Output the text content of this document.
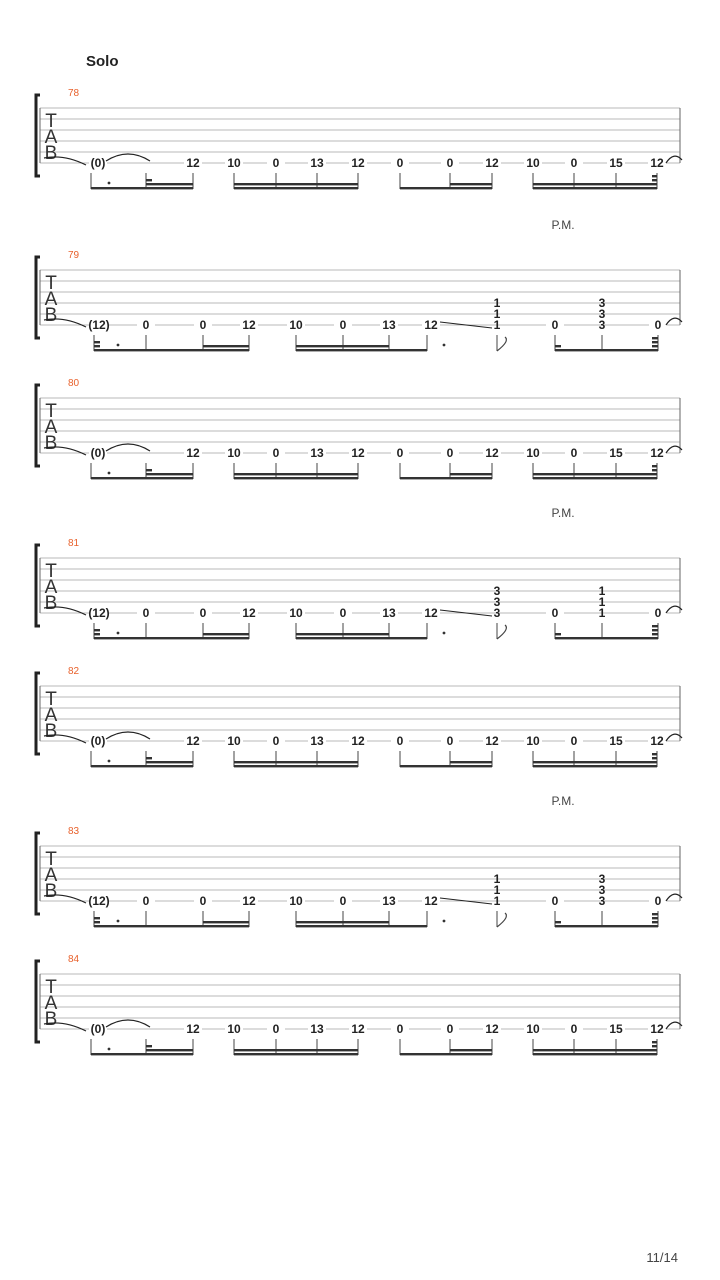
Solo
T
A
B
78
(0)	12 10	0	13 12	0	0	12 10	0	15 12
T
A
B
79
(12)	0	0	12	10	0	13 12	0	0
P.M.
1
1
1
3
3
3
T
A
B
80
(0)	12 10	0	13 12	0	0	12 10	0	15 12
T
A
B
81
(12)	0	0	12	10	0	13 12	0	0
P.M.
3
3
3
1
1
1
T
A
B
82
(0)	12 10	0	13 12	0	0	12 10	0	15 12
T
A
B
83
(12)	0	0	12	10	0	13 12	0	0
P.M.
1
1
1
3
3
3
T
A
B
84
(0)	12 10	0	13 12	0	0	12 10	0	15 12
11/14
